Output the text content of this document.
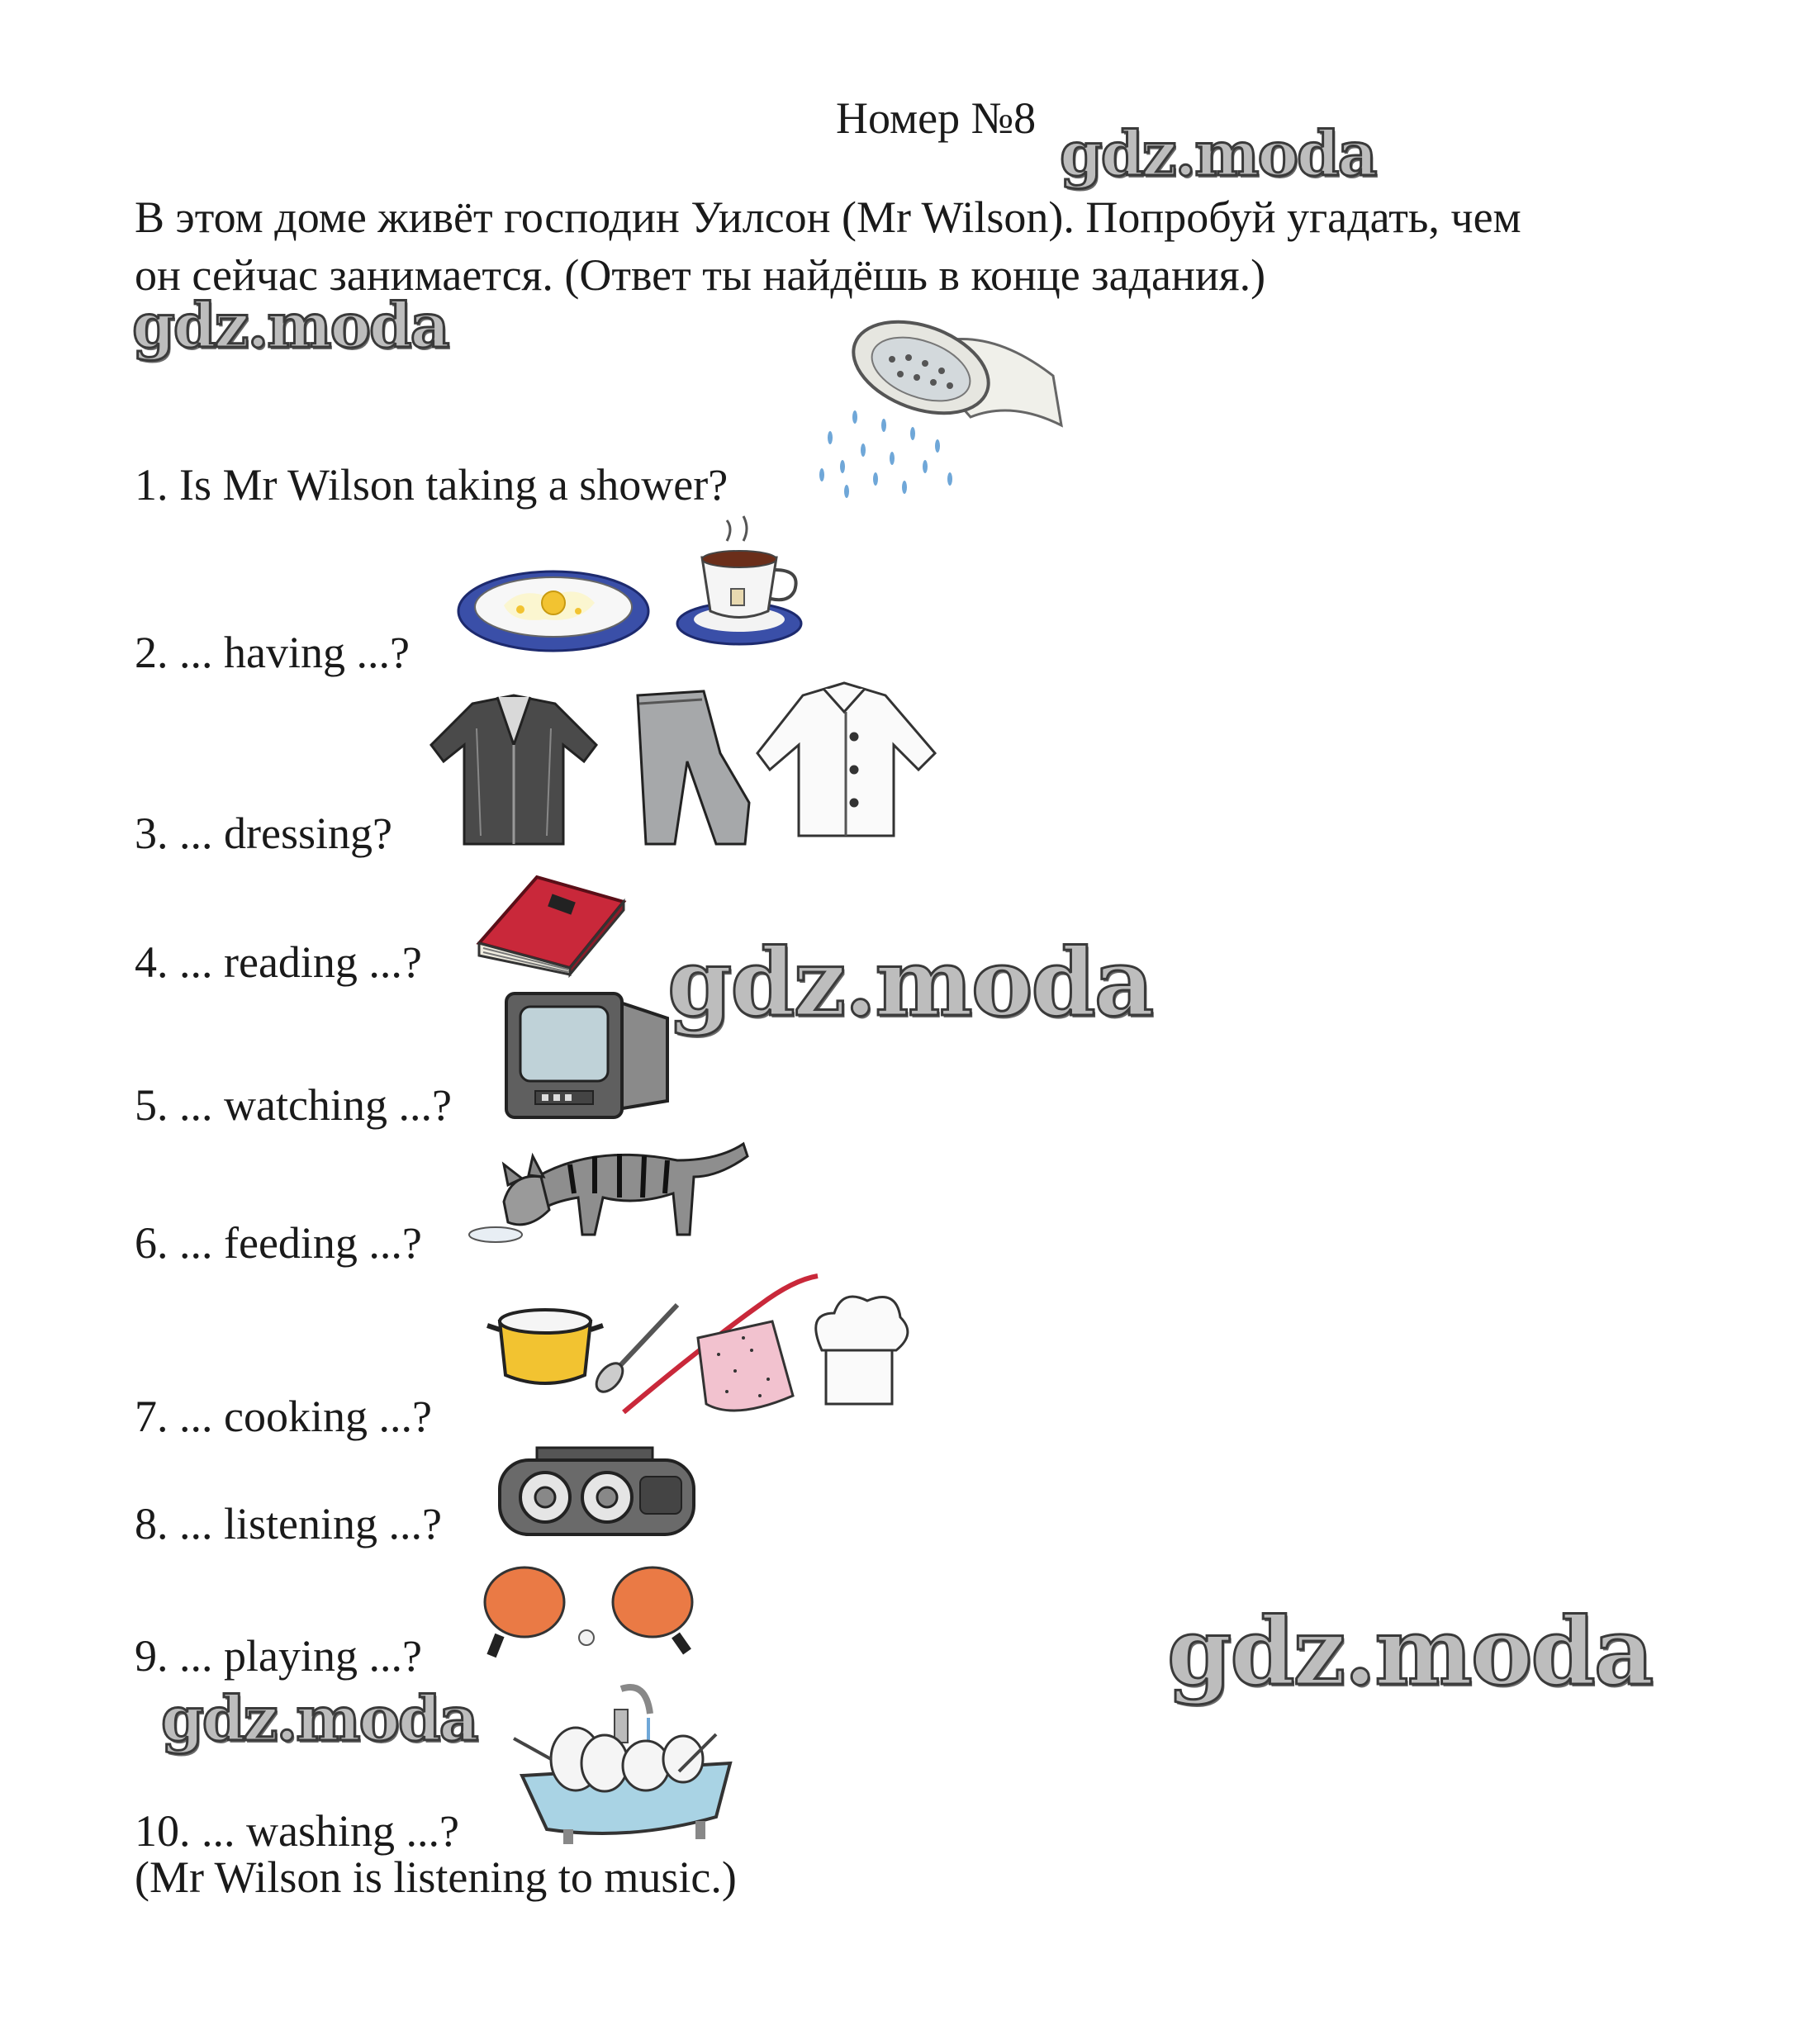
Номер №8
В этом доме живёт господин Уилсон (Mr Wilson). Попробуй угадать, чем
он сейчас занимается. (Ответ ты найдёшь в конце задания.)
gdz.moda
gdz.moda
gdz.moda
gdz.moda
gdz.moda
1. Is Mr Wilson taking a shower?
2. ... having ...?
3. ... dressing?
4. ... reading ...?
5. ... watching ...?
6. ... feeding ...?
7. ... cooking ...?
8. ... listening ...?
9. ... playing ...?
10. ... washing ...?
(Mr Wilson is listening to music.)
